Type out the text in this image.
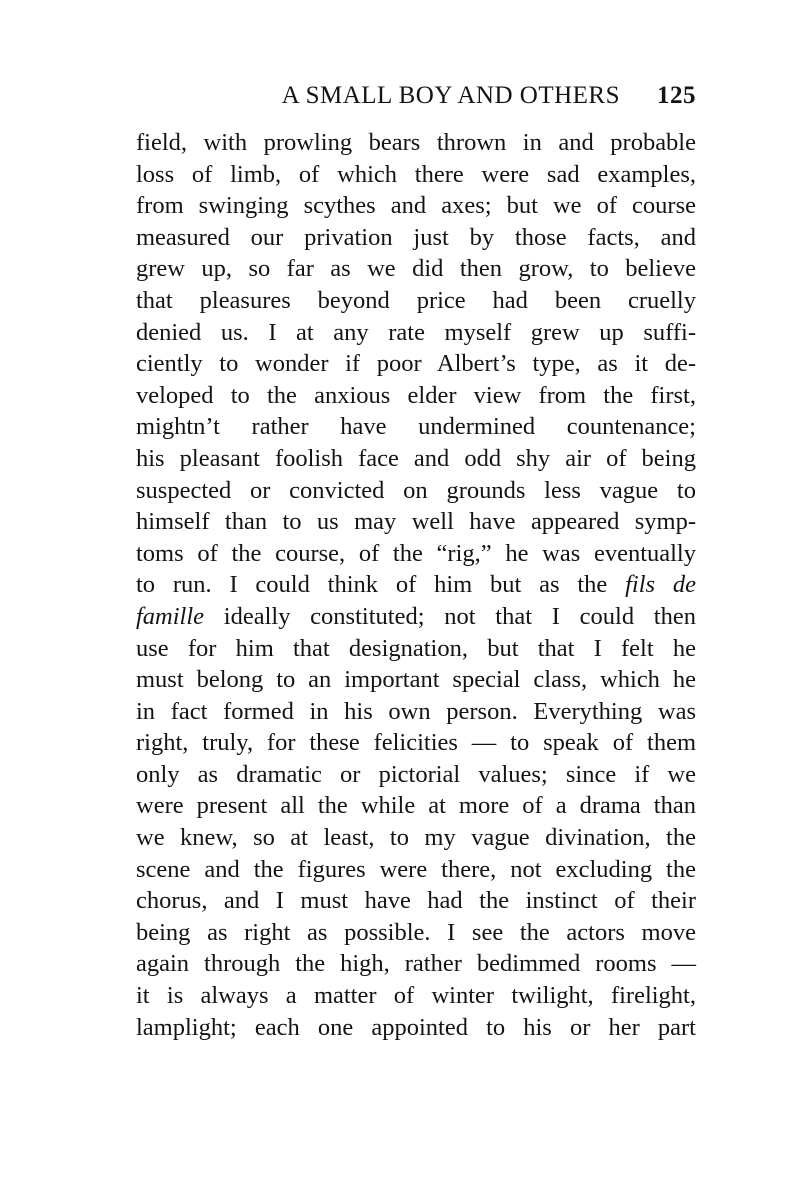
A SMALL BOY AND OTHERS 125
field, with prowling bears thrown in and probable
loss of limb, of which there were sad examples,
from swinging scythes and axes; but we of course
measured our privation just by those facts, and
grew up, so far as we did then grow, to believe
that pleasures beyond price had been cruelly
denied us. I at any rate myself grew up suffi-
ciently to wonder if poor Albert’s type, as it de-
veloped to the anxious elder view from the first,
mightn’t rather have undermined countenance;
his pleasant foolish face and odd shy air of being
suspected or convicted on grounds less vague to
himself than to us may well have appeared symp-
toms of the course, of the “rig,” he was eventually
to run. I could think of him but as the fils de
famille ideally constituted; not that I could then
use for him that designation, but that I felt he
must belong to an important special class, which he
in fact formed in his own person. Everything was
right, truly, for these felicities — to speak of them
only as dramatic or pictorial values; since if we
were present all the while at more of a drama than
we knew, so at least, to my vague divination, the
scene and the figures were there, not excluding the
chorus, and I must have had the instinct of their
being as right as possible. I see the actors move
again through the high, rather bedimmed rooms —
it is always a matter of winter twilight, firelight,
lamplight; each one appointed to his or her part
